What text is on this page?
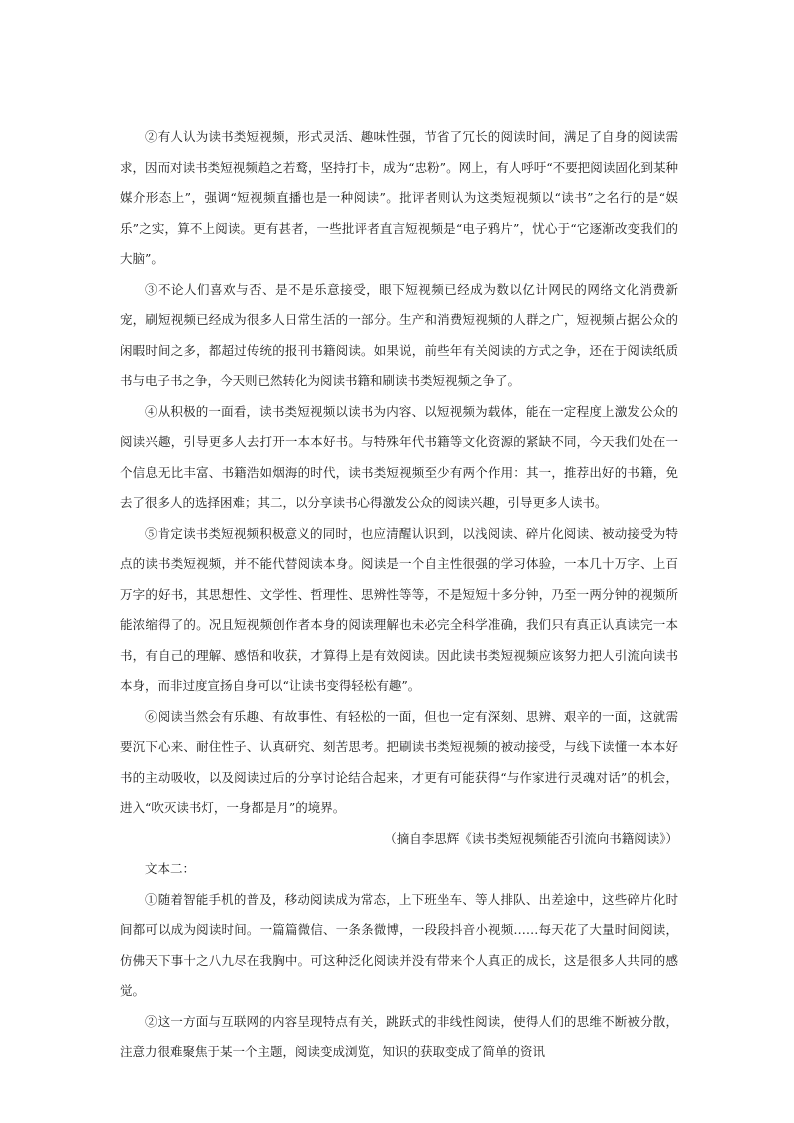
②有人认为读书类短视频，形式灵活、趣味性强，节省了冗长的阅读时间，满足了自身的阅读需求，因而对读书类短视频趋之若鹜，坚持打卡，成为“忠粉”。网上，有人呼吁“不要把阅读固化到某种媒介形态上”，强调“短视频直播也是一种阅读”。批评者则认为这类短视频以“读书”之名行的是“娱乐”之实，算不上阅读。更有甚者，一些批评者直言短视频是“电子鸦片”，忧心于“它逐渐改变我们的大脑”。

③不论人们喜欢与否、是不是乐意接受，眼下短视频已经成为数以亿计网民的网络文化消费新宠，刷短视频已经成为很多人日常生活的一部分。生产和消费短视频的人群之广，短视频占据公众的闲暇时间之多，都超过传统的报刊书籍阅读。如果说，前些年有关阅读的方式之争，还在于阅读纸质书与电子书之争，今天则已然转化为阅读书籍和刷读书类短视频之争了。

④从积极的一面看，读书类短视频以读书为内容、以短视频为载体，能在一定程度上激发公众的阅读兴趣，引导更多人去打开一本本好书。与特殊年代书籍等文化资源的紧缺不同，今天我们处在一个信息无比丰富、书籍浩如烟海的时代，读书类短视频至少有两个作用：其一，推荐出好的书籍，免去了很多人的选择困难；其二，以分享读书心得激发公众的阅读兴趣，引导更多人读书。

⑤肯定读书类短视频积极意义的同时，也应清醒认识到，以浅阅读、碎片化阅读、被动接受为特点的读书类短视频，并不能代替阅读本身。阅读是一个自主性很强的学习体验，一本几十万字、上百万字的好书，其思想性、文学性、哲理性、思辨性等等，不是短短十多分钟，乃至一两分钟的视频所能浓缩得了的。况且短视频创作者本身的阅读理解也未必完全科学准确，我们只有真正认真读完一本书，有自己的理解、感悟和收获，才算得上是有效阅读。因此读书类短视频应该努力把人引流向读书本身，而非过度宣扬自身可以“让读书变得轻松有趣”。

⑥阅读当然会有乐趣、有故事性、有轻松的一面，但也一定有深刻、思辨、艰辛的一面，这就需要沉下心来、耐住性子、认真研究、刻苦思考。把刷读书类短视频的被动接受，与线下读懂一本本好书的主动吸收，以及阅读过后的分享讨论结合起来，才更有可能获得“与作家进行灵魂对话”的机会，进入“吹灭读书灯，一身都是月”的境界。

（摘自李思辉《读书类短视频能否引流向书籍阅读》）

文本二：

①随着智能手机的普及，移动阅读成为常态，上下班坐车、等人排队、出差途中，这些碎片化时间都可以成为阅读时间。一篇篇微信、一条条微博，一段段抖音小视频……每天花了大量时间阅读，仿佛天下事十之八九尽在我胸中。可这种泛化阅读并没有带来个人真正的成长，这是很多人共同的感觉。

②这一方面与互联网的内容呈现特点有关，跳跃式的非线性阅读，使得人们的思维不断被分散，注意力很难聚焦于某一个主题，阅读变成浏览，知识的获取变成了简单的资讯
